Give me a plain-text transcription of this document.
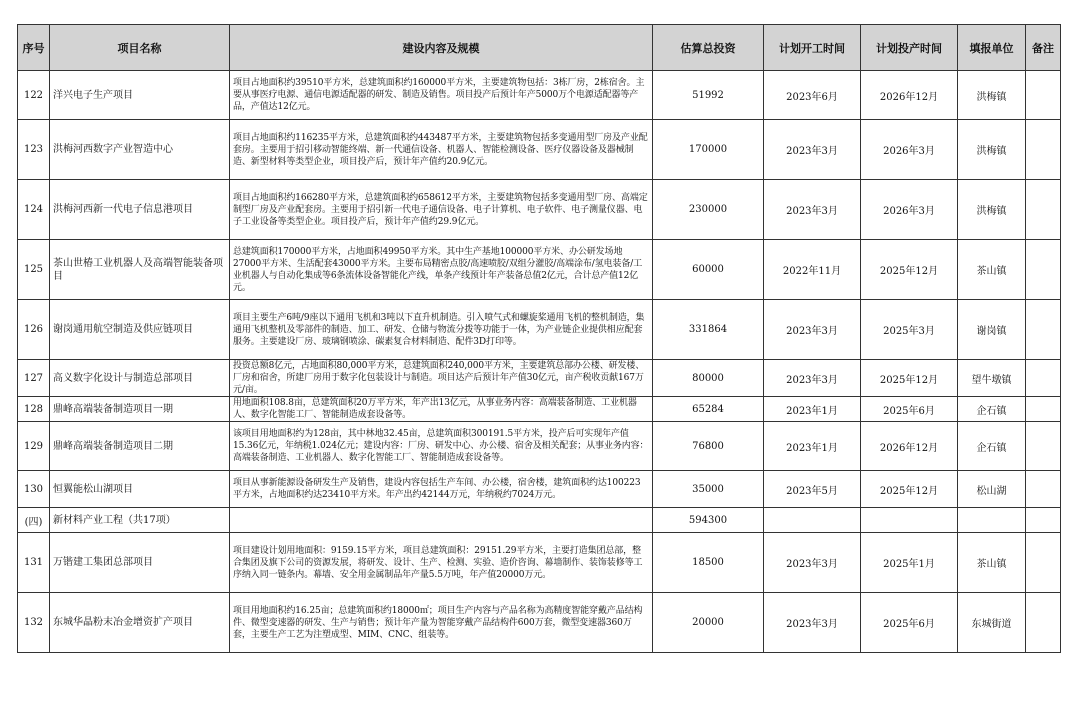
序号	项目名称	建设内容及规模	估算总投资	计划开工时间	计划投产时间	填报单位	备注
122	洋兴电子生产项目	项目占地面积约39510平方米，总建筑面积约160000平方米，主要建筑物包括：3栋厂房，2栋宿舍。主要从事医疗电源、通信电源适配器的研发、制造及销售。项目投产后预计年产5000万个电源适配器等产品，产值达12亿元。	51992	2023年6月	2026年12月	洪梅镇	
123	洪梅河西数字产业智造中心	项目占地面积约116235平方米，总建筑面积约443487平方米，主要建筑物包括多变通用型厂房及产业配套房。主要用于招引移动智能终端、新一代通信设备、机器人、智能检测设备、医疗仪器设备及器械制造、新型材料等类型企业，项目投产后，预计年产值约20.9亿元。	170000	2023年3月	2026年3月	洪梅镇	
124	洪梅河西新一代电子信息港项目	项目占地面积约166280平方米，总建筑面积约658612平方米，主要建筑物包括多变通用型厂房、高端定制型厂房及产业配套房。主要用于招引新一代电子通信设备、电子计算机、电子软件、电子测量仪器、电子工业设备等类型企业。项目投产后，预计年产值约29.9亿元。	230000	2023年3月	2026年3月	洪梅镇	
125	茶山世椿工业机器人及高端智能装备项目	总建筑面积170000平方米，占地面积49950平方米。其中生产基地100000平方米、办公研发场地27000平方米、生活配套43000平方米。主要布局精密点胶/高速喷胶/双组分灌胶/高端涂布/氢电装备/工业机器人与自动化集成等6条流体设备智能化产线，单条产线预计年产装备总值2亿元，合计总产值12亿元。	60000	2022年11月	2025年12月	茶山镇	
126	谢岗通用航空制造及供应链项目	项目主要生产6吨/9座以下通用飞机和3吨以下直升机制造。引入喷气式和螺旋桨通用飞机的整机制造，集通用飞机整机及零部件的制造、加工、研发、仓储与物流分拨等功能于一体，为产业链企业提供相应配套服务。主要建设厂房、玻璃钢喷涂、碳素复合材料制造、配件3D打印等。	331864	2023年3月	2025年3月	谢岗镇	
127	高义数字化设计与制造总部项目	投资总额8亿元，占地面积80,000平方米，总建筑面积240,000平方米，主要建筑总部办公楼、研发楼、厂房和宿舍，所建厂房用于数字化包装设计与制造。项目达产后预计年产值30亿元，亩产税收贡献167万元/亩。	80000	2023年3月	2025年12月	望牛墩镇	
128	鼎峰高端装备制造项目一期	用地面积108.8亩，总建筑面积20万平方米，年产出13亿元，从事业务内容：高端装备制造、工业机器人、数字化智能工厂、智能制造成套设备等。	65284	2023年1月	2025年6月	企石镇	
129	鼎峰高端装备制造项目二期	该项目用地面积约为128亩，其中林地32.45亩，总建筑面积300191.5平方米，投产后可实现年产值15.36亿元，年纳税1.024亿元；建设内容：厂房、研发中心、办公楼、宿舍及相关配套；从事业务内容：高端装备制造、工业机器人、数字化智能工厂、智能制造成套设备等。	76800	2023年1月	2026年12月	企石镇	
130	恒翼能松山湖项目	项目从事新能源设备研发生产及销售，建设内容包括生产车间、办公楼，宿舍楼，建筑面积约达100223平方米，占地面积约达23410平方米。年产出约42144万元，年纳税约7024万元。	35000	2023年5月	2025年12月	松山湖	
(四)	新材料产业工程（共17项）		594300				
131	万锴建工集团总部项目	项目建设计划用地面积：9159.15平方米，项目总建筑面积：29151.29平方米，主要打造集团总部，整合集团及旗下公司的资源发展，将研发、设计、生产、检测、实验、造价咨询、幕墙制作、装饰装修等工序纳入同一链条内。幕墙、安全用金属制品年产量5.5万吨，年产值20000万元。	18500	2023年3月	2025年1月	茶山镇	
132	东城华晶粉末冶金增资扩产项目	项目用地面积约16.25亩；总建筑面积约18000㎡；项目生产内容与产品名称为高精度智能穿戴产品结构件、微型变速器的研发、生产与销售；预计年产量为智能穿戴产品结构件600万套，微型变速器360万套，主要生产工艺为注塑成型、MIM、CNC、组装等。	20000	2023年3月	2025年6月	东城街道	
